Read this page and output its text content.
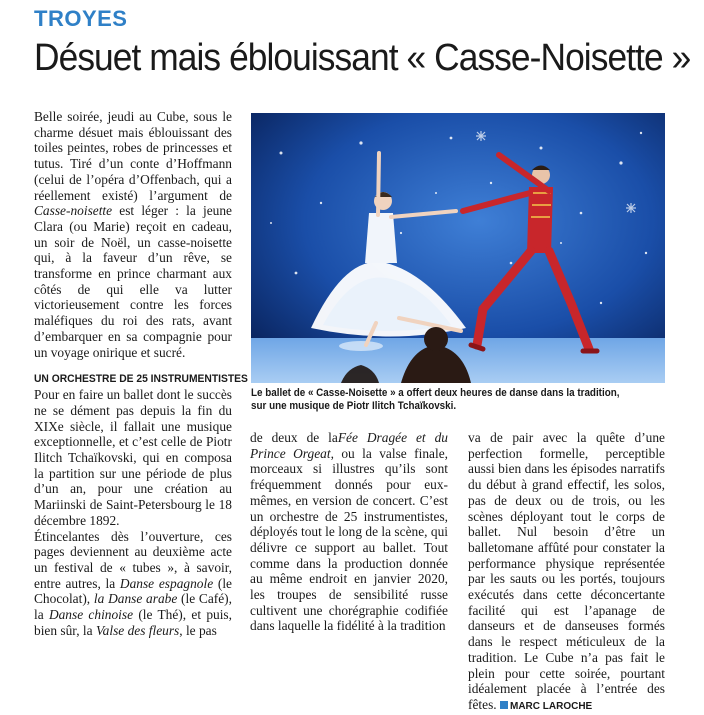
TROYES
Désuet mais éblouissant « Casse-Noisette »
Le ballet de « Casse-Noisette » a offert deux heures de danse dans la tradition,
sur une musique de Piotr Ilitch Tchaïkovski.

Belle soirée, jeudi au Cube, sous le charme désuet mais éblouissant des toiles peintes, robes de princesses et tutus. Tiré d’un conte d’Hoffmann (celui de l’opéra d’Offenbach, qui a réellement existé) l’argument de Casse-noisette est léger : la jeune Clara (ou Marie) reçoit en cadeau, un soir de Noël, un casse-noisette qui, à la faveur d’un rêve, se transforme en prince charmant aux côtés de qui elle va lutter victorieusement contre les forces maléfiques du roi des rats, avant d’embarquer en sa compagnie pour un voyage onirique et sucré.

UN ORCHESTRE DE 25 INSTRUMENTISTES

Pour en faire un ballet dont le succès ne se dément pas depuis la fin du XIXe siècle, il fallait une musique exceptionnelle, et c’est celle de Piotr Ilitch Tchaïkovski, qui en composa la partition sur une période de plus d’un an, pour une création au Mariinski de Saint-Petersbourg le 18 décembre 1892.

Étincelantes dès l’ouverture, ces pages deviennent au deuxième acte un festival de « tubes », à savoir, entre autres, la Danse espagnole (le Chocolat), la Danse arabe (le Café), la Danse chinoise (le Thé), et puis, bien sûr, la Valse des fleurs, le pas

de deux de laFée Dragée et du Prince Orgeat, ou la valse finale, morceaux si illustres qu’ils sont fréquemment donnés pour eux-mêmes, en version de concert. C’est un orchestre de 25 instrumentistes, déployés tout le long de la scène, qui délivre ce support au ballet. Tout comme dans la production donnée au même endroit en janvier 2020, les troupes de sensibilité russe cultivent une chorégraphie codifiée dans laquelle la fidélité à la tradition

va de pair avec la quête d’une perfection formelle, perceptible aussi bien dans les épisodes narratifs du début à grand effectif, les solos, pas de deux ou de trois, ou les scènes déployant tout le corps de ballet. Nul besoin d’être un balletomane affûté pour constater la performance physique représentée par les sauts ou les portés, toujours exécutés dans cette déconcertante facilité qui est l’apanage de danseurs et de danseuses formés dans le respect méticuleux de la tradition. Le Cube n’a pas fait le plein pour cette soirée, pourtant idéalement placée à l’entrée des fêtes. MARC LAROCHE
